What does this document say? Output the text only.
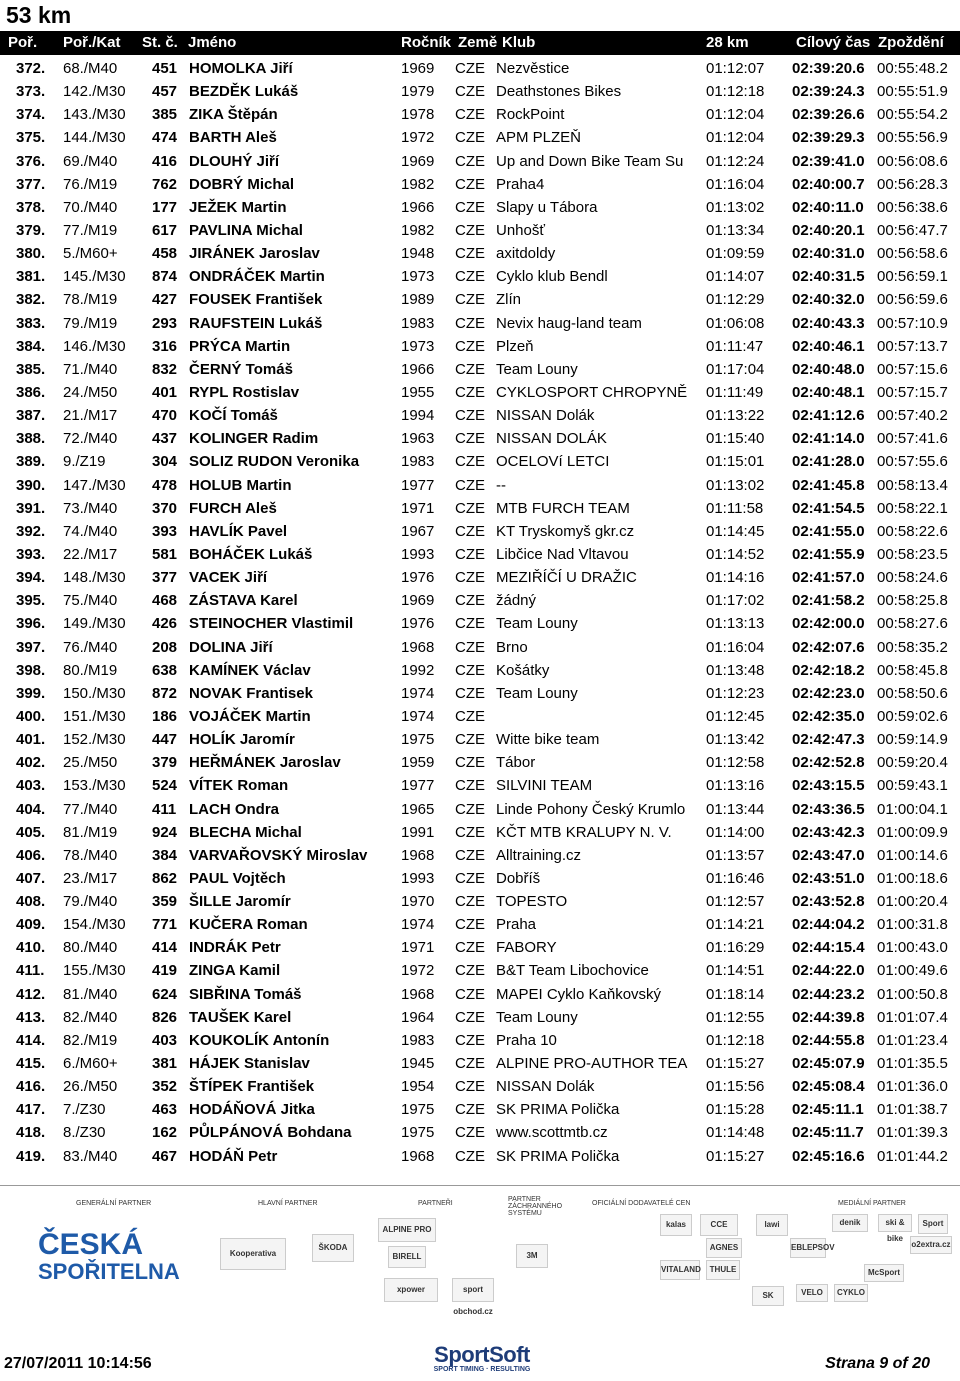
53 km
Poř. Poř./Kat St. č. Jméno	Ročník Země Klub	28 km	Cílový čas Zpoždění
372.	68./M40	451 HOMOLKA Jiří	1969	CZE Nezvěstice	01:12:07	02:39:20.6 00:55:48.2
373.	142./M30	457 BEZDĚK Lukáš	1979	CZE Deathstones Bikes	01:12:18	02:39:24.3 00:55:51.9
374.	143./M30	385 ZIKA Štěpán	1978	CZE RockPoint	01:12:04	02:39:26.6 00:55:54.2
375.	144./M30	474 BARTH Aleš	1972	CZE APM PLZEŇ	01:12:04	02:39:29.3 00:55:56.9
376.	69./M40	416 DLOUHÝ Jiří	1969	CZE Up and Down Bike Team Su	01:12:24	02:39:41.0 00:56:08.6
377.	76./M19	762 DOBRÝ Michal	1982	CZE Praha4	01:16:04	02:40:00.7 00:56:28.3
378.	70./M40	177 JEŽEK Martin	1966	CZE Slapy u Tábora	01:13:02	02:40:11.0 00:56:38.6
379.	77./M19	617 PAVLINA Michal	1982	CZE Unhošť	01:13:34	02:40:20.1 00:56:47.7
380.	5./M60+	458 JIRÁNEK Jaroslav	1948	CZE axitdoldy	01:09:59	02:40:31.0 00:56:58.6
381.	145./M30	874 ONDRÁČEK Martin	1973	CZE Cyklo klub Bendl	01:14:07	02:40:31.5 00:56:59.1
382.	78./M19	427 FOUSEK František	1989	CZE Zlín	01:12:29	02:40:32.0 00:56:59.6
383.	79./M19	293 RAUFSTEIN Lukáš	1983	CZE Nevix haug-land team	01:06:08	02:40:43.3 00:57:10.9
384.	146./M30	316 PRÝCA Martin	1973	CZE Plzeň	01:11:47	02:40:46.1 00:57:13.7
385.	71./M40	832 ČERNÝ Tomáš	1966	CZE Team Louny	01:17:04	02:40:48.0 00:57:15.6
386.	24./M50	401 RYPL Rostislav	1955	CZE CYKLOSPORT CHROPYNĚ	01:11:49	02:40:48.1 00:57:15.7
387.	21./M17	470 KOČÍ Tomáš	1994	CZE NISSAN Dolák	01:13:22	02:41:12.6 00:57:40.2
388.	72./M40	437 KOLINGER Radim	1963	CZE NISSAN DOLÁK	01:15:40	02:41:14.0 00:57:41.6
389.	9./Z19	304 SOLIZ RUDON Veronika	1983	CZE OCELOVí LETCI	01:15:01	02:41:28.0 00:57:55.6
390.	147./M30	478 HOLUB Martin	1977	CZE --	01:13:02	02:41:45.8 00:58:13.4
391.	73./M40	370 FURCH Aleš	1971	CZE MTB FURCH TEAM	01:11:58	02:41:54.5 00:58:22.1
392.	74./M40	393 HAVLÍK Pavel	1967	CZE KT Tryskomyš gkr.cz	01:14:45	02:41:55.0 00:58:22.6
393.	22./M17	581 BOHÁČEK Lukáš	1993	CZE Libčice Nad Vltavou	01:14:52	02:41:55.9 00:58:23.5
394.	148./M30	377 VACEK Jiří	1976	CZE MEZIŘÍČÍ U DRAŽIC	01:14:16	02:41:57.0 00:58:24.6
395.	75./M40	468 ZÁSTAVA Karel	1969	CZE žádný	01:17:02	02:41:58.2 00:58:25.8
396.	149./M30	426 STEINOCHER Vlastimil	1976	CZE Team Louny	01:13:13	02:42:00.0 00:58:27.6
397.	76./M40	208 DOLINA Jiří	1968	CZE Brno	01:16:04	02:42:07.6 00:58:35.2
398.	80./M19	638 KAMÍNEK Václav	1992	CZE Košátky	01:13:48	02:42:18.2 00:58:45.8
399.	150./M30	872 NOVAK Frantisek	1974	CZE Team Louny	01:12:23	02:42:23.0 00:58:50.6
400.	151./M30	186 VOJÁČEK Martin	1974	CZE	01:12:45	02:42:35.0 00:59:02.6
401.	152./M30	447 HOLÍK Jaromír	1975	CZE Witte bike team	01:13:42	02:42:47.3 00:59:14.9
402.	25./M50	379 HEŘMÁNEK Jaroslav	1959	CZE Tábor	01:12:58	02:42:52.8 00:59:20.4
403.	153./M30	524 VÍTEK Roman	1977	CZE SILVINI TEAM	01:13:16	02:43:15.5 00:59:43.1
404.	77./M40	411 LACH Ondra	1965	CZE Linde Pohony Český Krumlo	01:13:44	02:43:36.5 01:00:04.1
405.	81./M19	924 BLECHA Michal	1991	CZE KČT MTB KRALUPY N. V.	01:14:00	02:43:42.3 01:00:09.9
406.	78./M40	384 VARVAŘOVSKÝ Miroslav	1968	CZE Alltraining.cz	01:13:57	02:43:47.0 01:00:14.6
407.	23./M17	862 PAUL Vojtěch	1993	CZE Dobříš	01:16:46	02:43:51.0 01:00:18.6
408.	79./M40	359 ŠILLE Jaromír	1970	CZE TOPESTO	01:12:57	02:43:52.8 01:00:20.4
409.	154./M30	771 KUČERA Roman	1974	CZE Praha	01:14:21	02:44:04.2 01:00:31.8
410.	80./M40	414 INDRÁK Petr	1971	CZE FABORY	01:16:29	02:44:15.4 01:00:43.0
411.	155./M30	419 ZINGA Kamil	1972	CZE B&T Team Libochovice	01:14:51	02:44:22.0 01:00:49.6
412.	81./M40	624 SIBŘINA Tomáš	1968	CZE MAPEI Cyklo Kaňkovský	01:18:14	02:44:23.2 01:00:50.8
413.	82./M40	826 TAUŠEK Karel	1964	CZE Team Louny	01:12:55	02:44:39.8 01:01:07.4
414.	82./M19	403 KOUKOLÍK Antonín	1983	CZE Praha 10	01:12:18	02:44:55.8 01:01:23.4
415.	6./M60+	381 HÁJEK Stanislav	1945	CZE ALPINE PRO-AUTHOR TEA	01:15:27	02:45:07.9 01:01:35.5
416.	26./M50	352 ŠTÍPEK František	1954	CZE NISSAN Dolák	01:15:56	02:45:08.4 01:01:36.0
417.	7./Z30	463 HODÁŇOVÁ Jitka	1975	CZE SK PRIMA Polička	01:15:28	02:45:11.1 01:01:38.7
418.	8./Z30	162 PŮLPÁNOVÁ Bohdana	1975	CZE www.scottmtb.cz	01:14:48	02:45:11.7 01:01:39.3
419.	83./M40	467 HODÁŇ Petr	1968	CZE SK PRIMA Polička	01:15:27	02:45:16.6 01:01:44.2
GENERÁLNÍ PARTNER	HLAVNÍ PARTNER	PARTNEŘI
PARTNER ZÁCHRANNÉHO SYSTÉMU
OFICIÁLNÍ DODAVATELÉ CEN	MEDIÁLNÍ PARTNER
ČESKÁ
SPOŘITELNA
Kooperativa
ŠKODA
ALPINE PRO
BIRELL
xpower	sport obchod.cz
3M
kalas	CCE	lawi
VITALAND	THULE
AGNES	EBLEPSOV
SK
denik	ski & bike
o2extra.cz
McSport
VELO	CYKLO
Sport
27/07/2011 10:14:56	SportSoft
SPORT TIMING · RESULTING	Strana 9 of 20
